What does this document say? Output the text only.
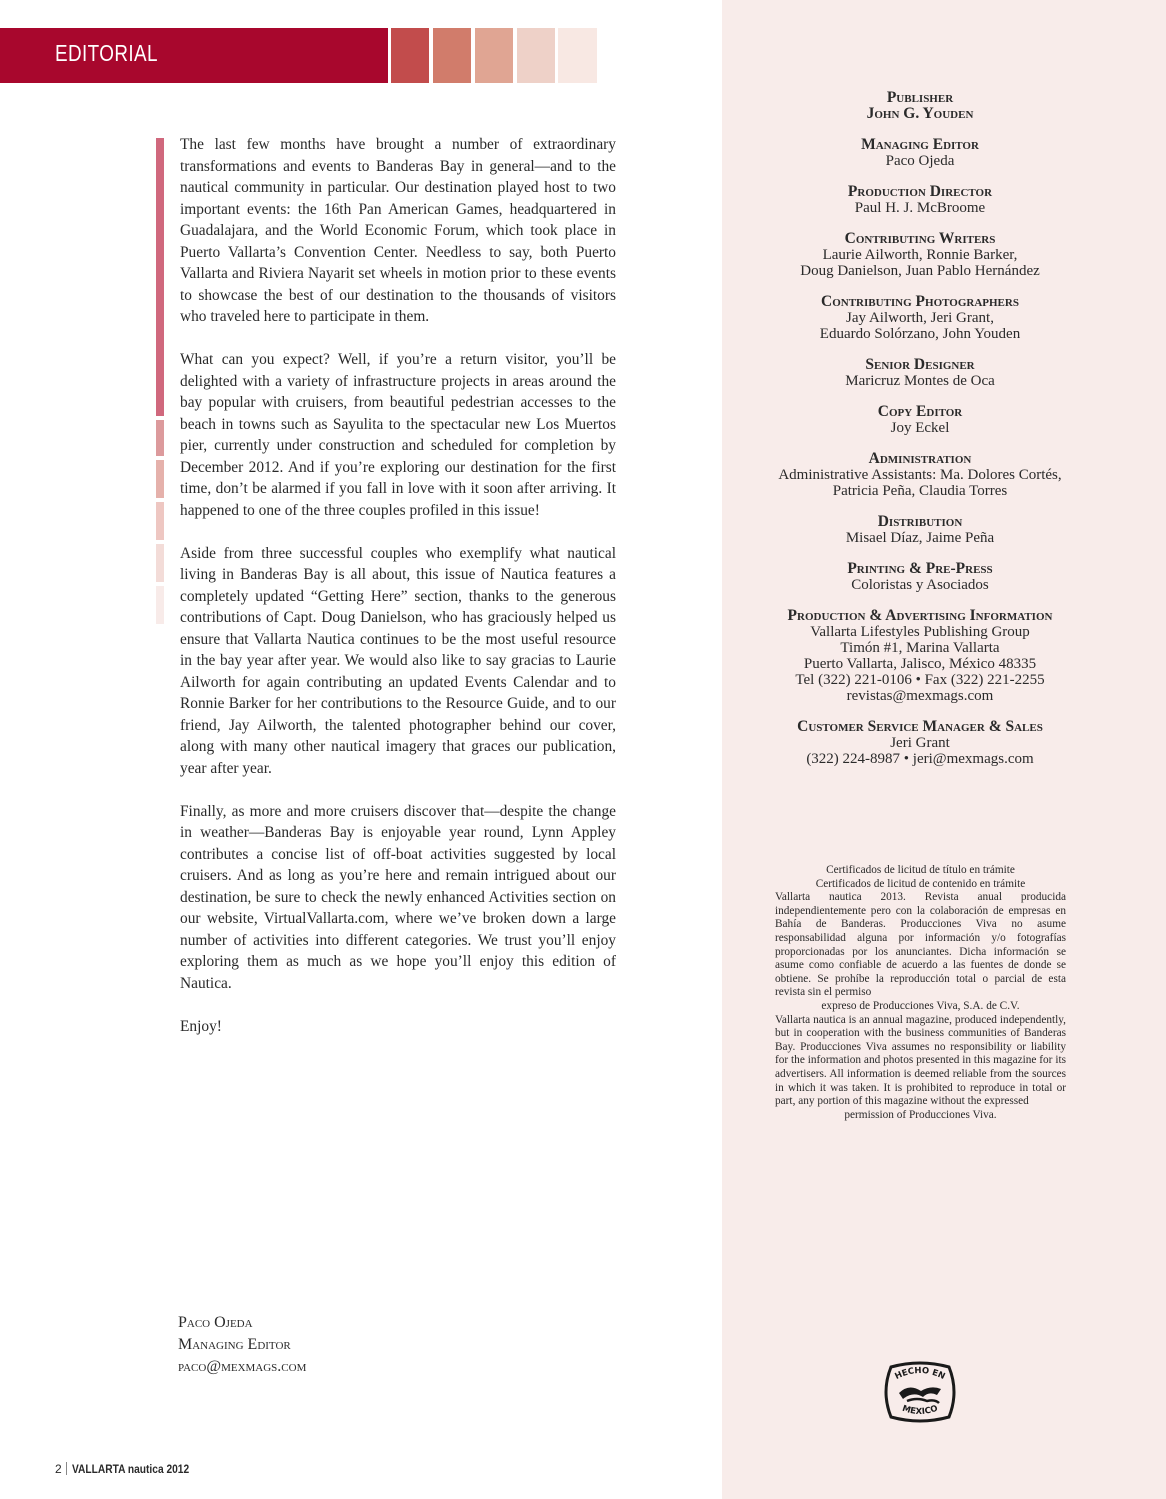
EDITORIAL

The last few months have brought a number of extraordinary transformations and events to Banderas Bay in general—and to the nautical community in particular. Our destination played host to two important events: the 16th Pan American Games, headquartered in Guadalajara, and the World Economic Forum, which took place in Puerto Vallarta’s Convention Center. Needless to say, both Puerto Vallarta and Riviera Nayarit set wheels in motion prior to these events to showcase the best of our destination to the thousands of visitors who traveled here to participate in them.

What can you expect? Well, if you’re a return visitor, you’ll be delighted with a variety of infrastructure projects in areas around the bay popular with cruisers, from beautiful pedestrian accesses to the beach in towns such as Sayulita to the spectacular new Los Muertos pier, currently under construction and scheduled for completion by December 2012. And if you’re exploring our destination for the first time, don’t be alarmed if you fall in love with it soon after arriving. It happened to one of the three couples profiled in this issue!

Aside from three successful couples who exemplify what nautical living in Banderas Bay is all about, this issue of Nautica features a completely updated “Getting Here” section, thanks to the generous contributions of Capt. Doug Danielson, who has graciously helped us ensure that Vallarta Nautica continues to be the most useful resource in the bay year after year. We would also like to say gracias to Laurie Ailworth for again contributing an updated Events Calendar and to Ronnie Barker for her contributions to the Resource Guide, and to our friend, Jay Ailworth, the talented photographer behind our cover, along with many other nautical imagery that graces our publication, year after year.

Finally, as more and more cruisers discover that—despite the change in weather—Banderas Bay is enjoyable year round, Lynn Appley contributes a concise list of off-boat activities suggested by local cruisers. And as long as you’re here and remain intrigued about our destination, be sure to check the newly enhanced Activities section on our website, VirtualVallarta.com, where we’ve broken down a large number of activities into different categories. We trust you’ll enjoy exploring them as much as we hope you’ll enjoy this edition of Nautica.

Enjoy!

Paco Ojeda
Managing Editor
paco@mexmags.com
2 VALLARTA nautica 2012
Publisher
John G. Youden
Managing Editor
Paco Ojeda
Production Director
Paul H. J. McBroome
Contributing Writers
Laurie Ailworth, Ronnie Barker,
Doug Danielson, Juan Pablo Hernández
Contributing Photographers
Jay Ailworth, Jeri Grant,
Eduardo Solórzano, John Youden
Senior Designer
Maricruz Montes de Oca
Copy Editor
Joy Eckel
Administration
Administrative Assistants: Ma. Dolores Cortés,
Patricia Peña, Claudia Torres
Distribution
Misael Díaz, Jaime Peña
Printing & Pre-Press
Coloristas y Asociados
Production & Advertising Information
Vallarta Lifestyles Publishing Group
Timón #1, Marina Vallarta
Puerto Vallarta, Jalisco, México 48335
Tel (322) 221-0106 • Fax (322) 221-2255
revistas@mexmags.com
Customer Service Manager & Sales
Jeri Grant
(322) 224-8987 • jeri@mexmags.com
Certificados de licitud de título en trámite
Certificados de licitud de contenido en trámite
Vallarta nautica 2013. Revista anual producida independientemente pero con la colaboración de empresas en Bahía de Banderas. Producciones Viva no asume responsabilidad alguna por información y/o fotografías proporcionadas por los anunciantes. Dicha información se asume como confiable de acuerdo a las fuentes de donde se obtiene. Se prohíbe la reproducción total o parcial de esta revista sin el permiso
expreso de Producciones Viva, S.A. de C.V.
Vallarta nautica is an annual magazine, produced independently, but in cooperation with the business communities of Banderas Bay. Producciones Viva assumes no responsibility or liability for the information and photos presented in this magazine for its advertisers. All information is deemed reliable from the sources in which it was taken. It is prohibited to reproduce in total or part, any portion of this magazine without the expressed
permission of Producciones Viva.
HECHO EN
MEXICO
